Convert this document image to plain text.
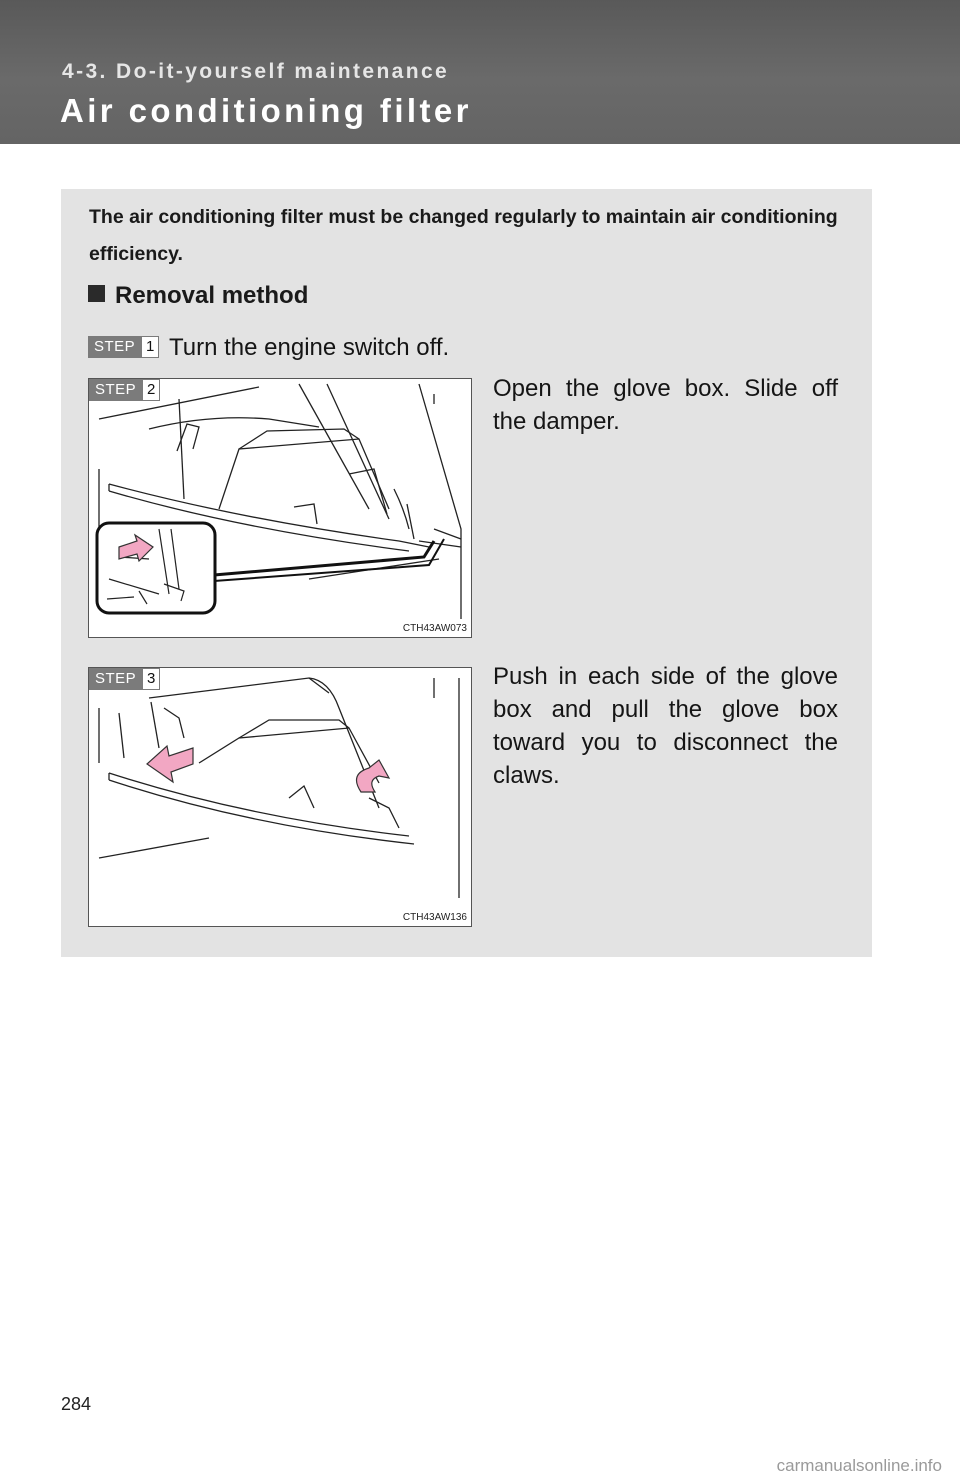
4-3. Do-it-yourself maintenance
Air conditioning filter
The air conditioning filter must be changed regularly to maintain air conditioning efficiency.
Removal method
STEP 1 Turn the engine switch off.
STEP 2
CTH43AW073
Open the glove box. Slide off the damper.
STEP 3
CTH43AW136
Push in each side of the glove box and pull the glove box toward you to disconnect the claws.
284
carmanualsonline.info
